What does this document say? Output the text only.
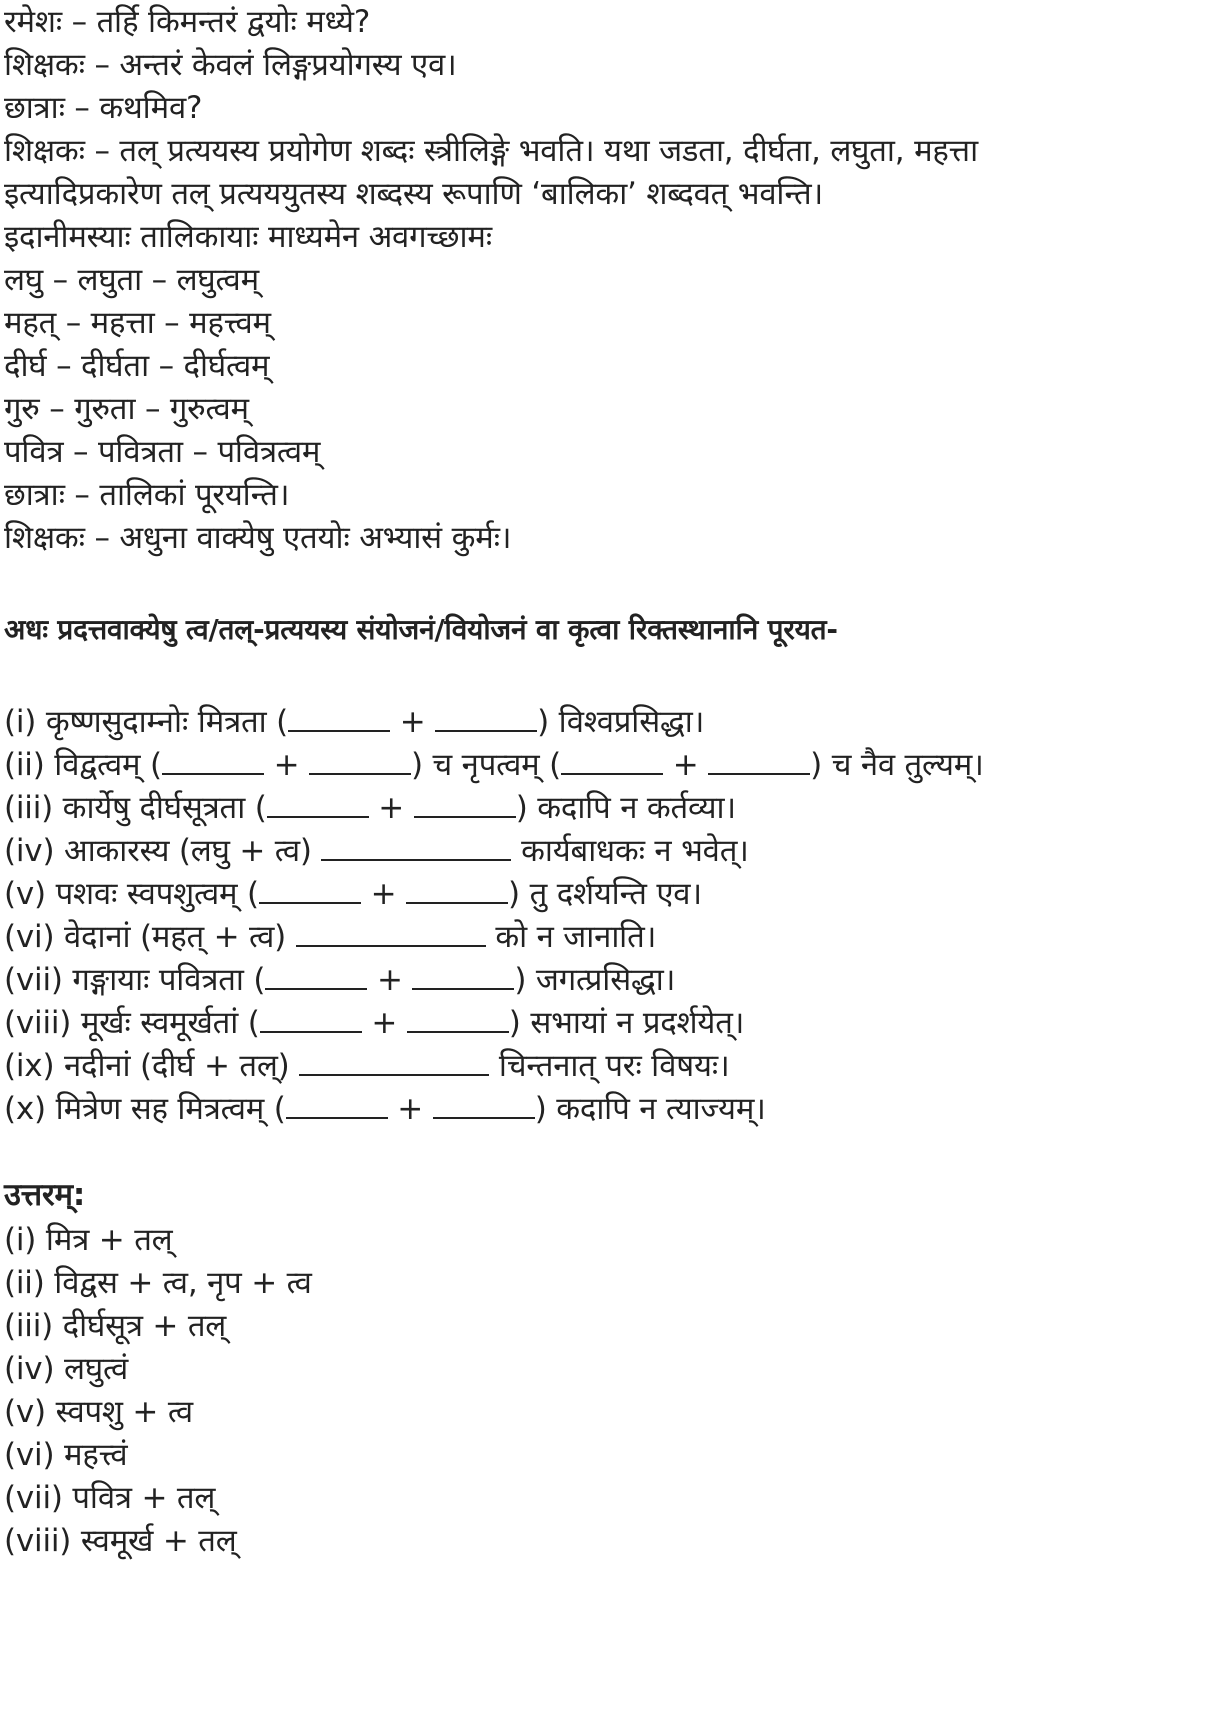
रमेशः – तर्हि किमन्तरं द्वयोः मध्ये?
शिक्षकः – अन्तरं केवलं लिङ्गप्रयोगस्य एव।
छात्राः – कथमिव?
शिक्षकः – तल् प्रत्ययस्य प्रयोगेण शब्दः स्त्रीलिङ्गे भवति। यथा जडता, दीर्घता, लघुता, महत्ता
इत्यादिप्रकारेण तल् प्रत्यययुतस्य शब्दस्य रूपाणि ‘बालिका’ शब्दवत् भवन्ति।
इदानीमस्याः तालिकायाः माध्यमेन अवगच्छामः
लघु – लघुता – लघुत्वम्
महत् – महत्ता – महत्त्वम्
दीर्घ – दीर्घता – दीर्घत्वम्
गुरु – गुरुता – गुरुत्वम्
पवित्र – पवित्रता – पवित्रत्वम्
छात्राः – तालिकां पूरयन्ति।
शिक्षकः – अधुना वाक्येषु एतयोः अभ्यासं कुर्मः।
अधः प्रदत्तवाक्येषु त्व/तल्-प्रत्ययस्य संयोजनं/वियोजनं वा कृत्वा रिक्तस्थानानि पूरयत-
(i) कृष्णसुदाम्नोः मित्रता (	+	) विश्वप्रसिद्धा।
(ii) विद्वत्वम् (	+	) च नृपत्वम् (	+	) च नैव तुल्यम्।
(iii) कार्येषु दीर्घसूत्रता (	+	) कदापि न कर्तव्या।
(iv) आकारस्य (लघु + त्व)	कार्यबाधकः न भवेत्।
(v) पशवः स्वपशुत्वम् (	+	) तु दर्शयन्ति एव।
(vi) वेदानां (महत् + त्व)	को न जानाति।
(vii) गङ्गायाः पवित्रता (	+	) जगत्प्रसिद्धा।
(viii) मूर्खः स्वमूर्खतां (	+	) सभायां न प्रदर्शयेत्।
(ix) नदीनां (दीर्घ + तल्)	चिन्तनात् परः विषयः।
(x) मित्रेण सह मित्रत्वम् (	+	) कदापि न त्याज्यम्।
उत्तरम्:
(i) मित्र + तल्
(ii) विद्वस + त्व, नृप + त्व
(iii) दीर्घसूत्र + तल्
(iv) लघुत्वं
(v) स्वपशु + त्व
(vi) महत्त्वं
(vii) पवित्र + तल्
(viii) स्वमूर्ख + तल्
